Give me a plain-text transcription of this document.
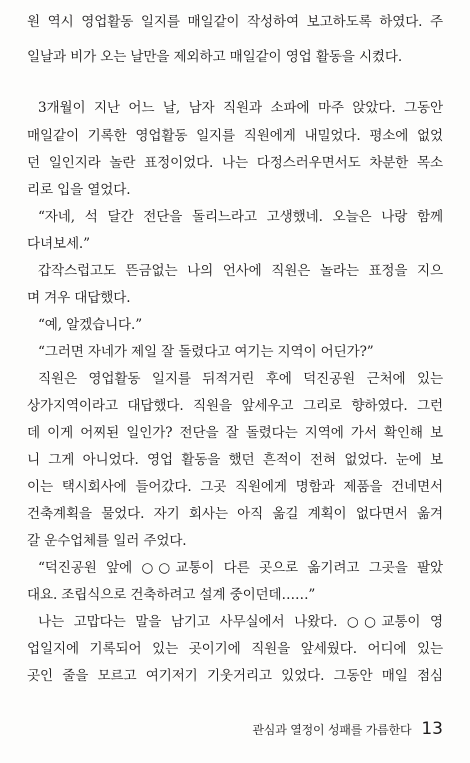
원 역시 영업활동 일지를 매일같이 작성하여 보고하도록 하였다. 주
일날과 비가 오는 날만을 제외하고 매일같이 영업 활동을 시켰다.
3개월이 지난 어느 날, 남자 직원과 소파에 마주 앉았다. 그동안
매일같이 기록한 영업활동 일지를 직원에게 내밀었다. 평소에 없었
던 일인지라 놀란 표정이었다. 나는 다정스러우면서도 차분한 목소
리로 입을 열었다.
“자네, 석 달간 전단을 돌리느라고 고생했네. 오늘은 나랑 함께
다녀보세.”
갑작스럽고도 뜬금없는 나의 언사에 직원은 놀라는 표정을 지으
며 겨우 대답했다.
“예, 알겠습니다.”
“그러면 자네가 제일 잘 돌렸다고 여기는 지역이 어딘가?”
직원은 영업활동 일지를 뒤적거린 후에 덕진공원 근처에 있는
상가지역이라고 대답했다. 직원을 앞세우고 그리로 향하였다. 그런
데 이게 어찌된 일인가? 전단을 잘 돌렸다는 지역에 가서 확인해 보
니 그게 아니었다. 영업 활동을 했던 흔적이 전혀 없었다. 눈에 보
이는 택시회사에 들어갔다. 그곳 직원에게 명함과 제품을 건네면서
건축계획을 물었다. 자기 회사는 아직 옮길 계획이 없다면서 옮겨
갈 운수업체를 일러 주었다.
“덕진공원 앞에 ○○교통이 다른 곳으로 옮기려고 그곳을 팔았
대요. 조립식으로 건축하려고 설계 중이던데……”
나는 고맙다는 말을 남기고 사무실에서 나왔다. ○○교통이 영
업일지에 기록되어 있는 곳이기에 직원을 앞세웠다. 어디에 있는
곳인 줄을 모르고 여기저기 기웃거리고 있었다. 그동안 매일 점심
관심과 열정이 성패를 가름한다 13
